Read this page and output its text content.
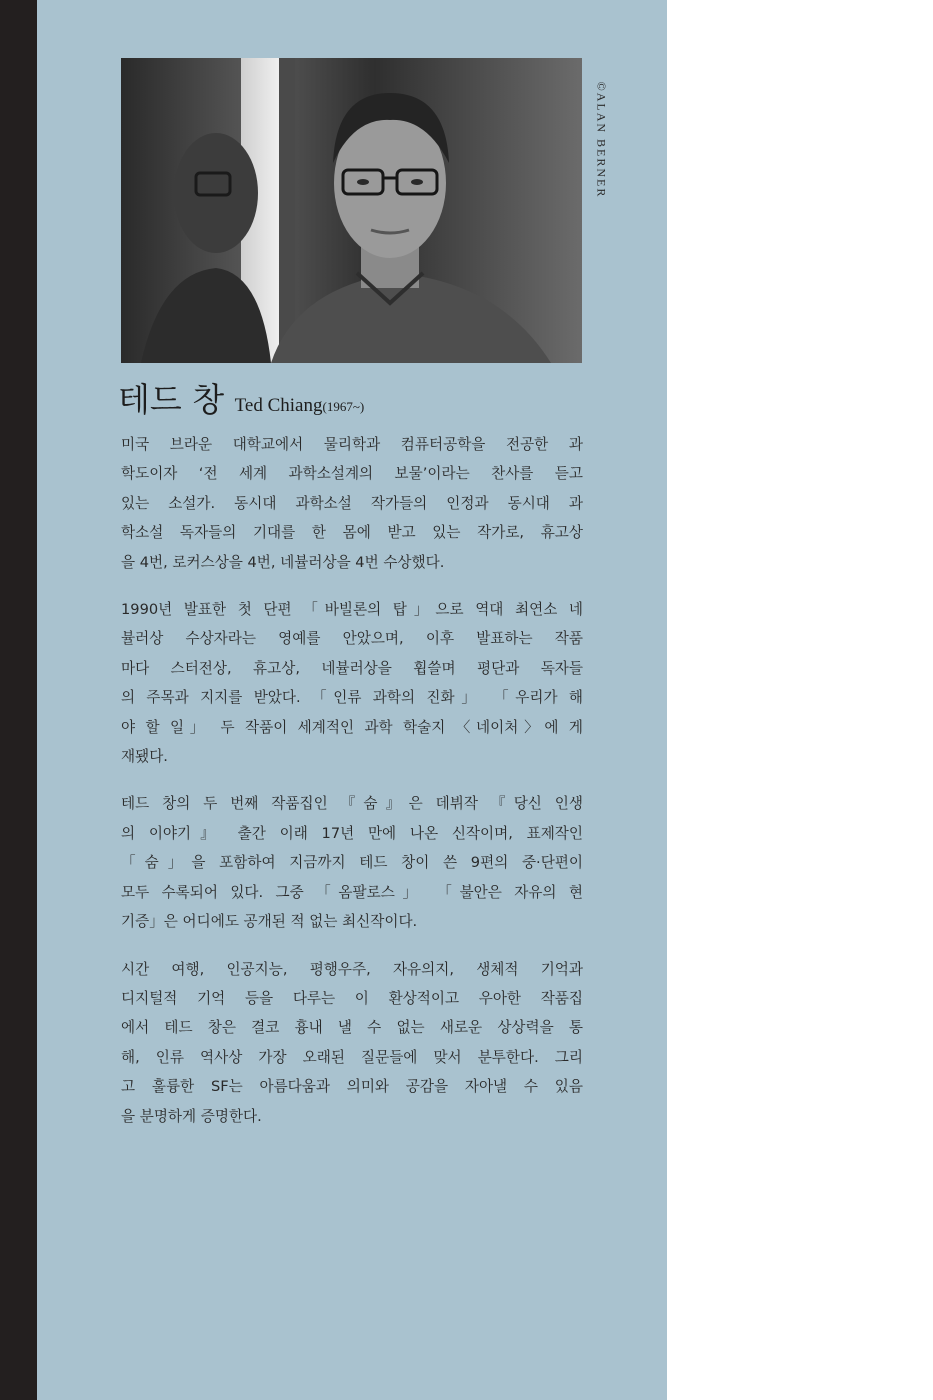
©ALAN BERNER
테드 창 Ted Chiang(1967~)

미국 브라운 대학교에서 물리학과 컴퓨터공학을 전공한 과
학도이자 ‘전 세계 과학소설계의 보물’이라는 찬사를 듣고
있는 소설가. 동시대 과학소설 작가들의 인정과 동시대 과
학소설 독자들의 기대를 한 몸에 받고 있는 작가로, 휴고상
을 4번, 로커스상을 4번, 네뷸러상을 4번 수상했다.

1990년 발표한 첫 단편 「바빌론의 탑」으로 역대 최연소 네
뷸러상 수상자라는 영예를 안았으며, 이후 발표하는 작품
마다 스터전상, 휴고상, 네뷸러상을 휩쓸며 평단과 독자들
의 주목과 지지를 받았다. 「인류 과학의 진화」 「우리가 해
야 할 일」 두 작품이 세계적인 과학 학술지 〈네이처〉에 게
재됐다.

테드 창의 두 번째 작품집인 『숨』은 데뷔작 『당신 인생
의 이야기』 출간 이래 17년 만에 나온 신작이며, 표제작인
「숨」을 포함하여 지금까지 테드 창이 쓴 9편의 중·단편이
모두 수록되어 있다. 그중 「옴팔로스」 「불안은 자유의 현
기증」은 어디에도 공개된 적 없는 최신작이다.

시간 여행, 인공지능, 평행우주, 자유의지, 생체적 기억과
디지털적 기억 등을 다루는 이 환상적이고 우아한 작품집
에서 테드 창은 결코 흉내 낼 수 없는 새로운 상상력을 통
해, 인류 역사상 가장 오래된 질문들에 맞서 분투한다. 그리
고 훌륭한 SF는 아름다움과 의미와 공감을 자아낼 수 있음
을 분명하게 증명한다.
